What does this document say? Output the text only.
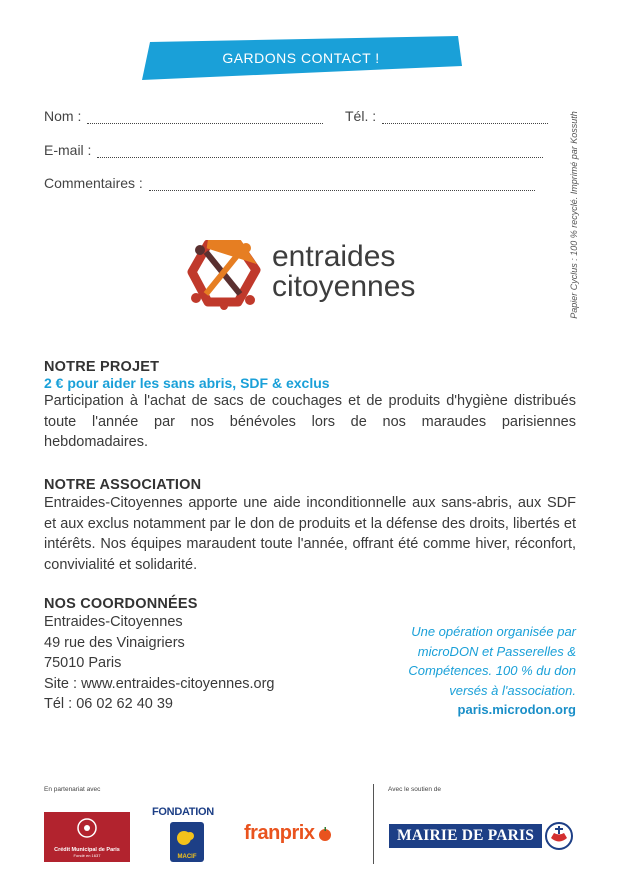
GARDONS CONTACT !
Nom :	Tél. :
E-mail :
Commentaires :	Papier Cyclus : 100 % recyclé. Imprimé par Kossuth
entraides
citoyennes
NOTRE PROJET
2 € pour aider les sans abris, SDF & exclus
Participation à l'achat de sacs de couchages et de produits d'hygiène distribués toute l'année par nos bénévoles lors de nos maraudes parisiennes hebdomadaires.
NOTRE ASSOCIATION
Entraides-Citoyennes apporte une aide inconditionnelle aux sans-abris, aux SDF et aux exclus notamment par le don de produits et la défense des droits, libertés et intérêts. Nos équipes maraudent toute l'année, offrant été comme hiver, réconfort, convivialité et solidarité.
NOS COORDONNÉES
Entraides-Citoyennes
49 rue des Vinaigriers
75010 Paris
Site : www.entraides-citoyennes.org
Tél : 06 02 62 40 39
Une opération organisée par
microDON et Passerelles &
Compétences. 100 % du don
versés à l'association.
paris.microdon.org
En partenariat avec	Avec le soutien de
Crédit Municipal de Paris
Fondé en 1637
FONDATION
MACIF
franprix	MAIRIE DE PARIS
